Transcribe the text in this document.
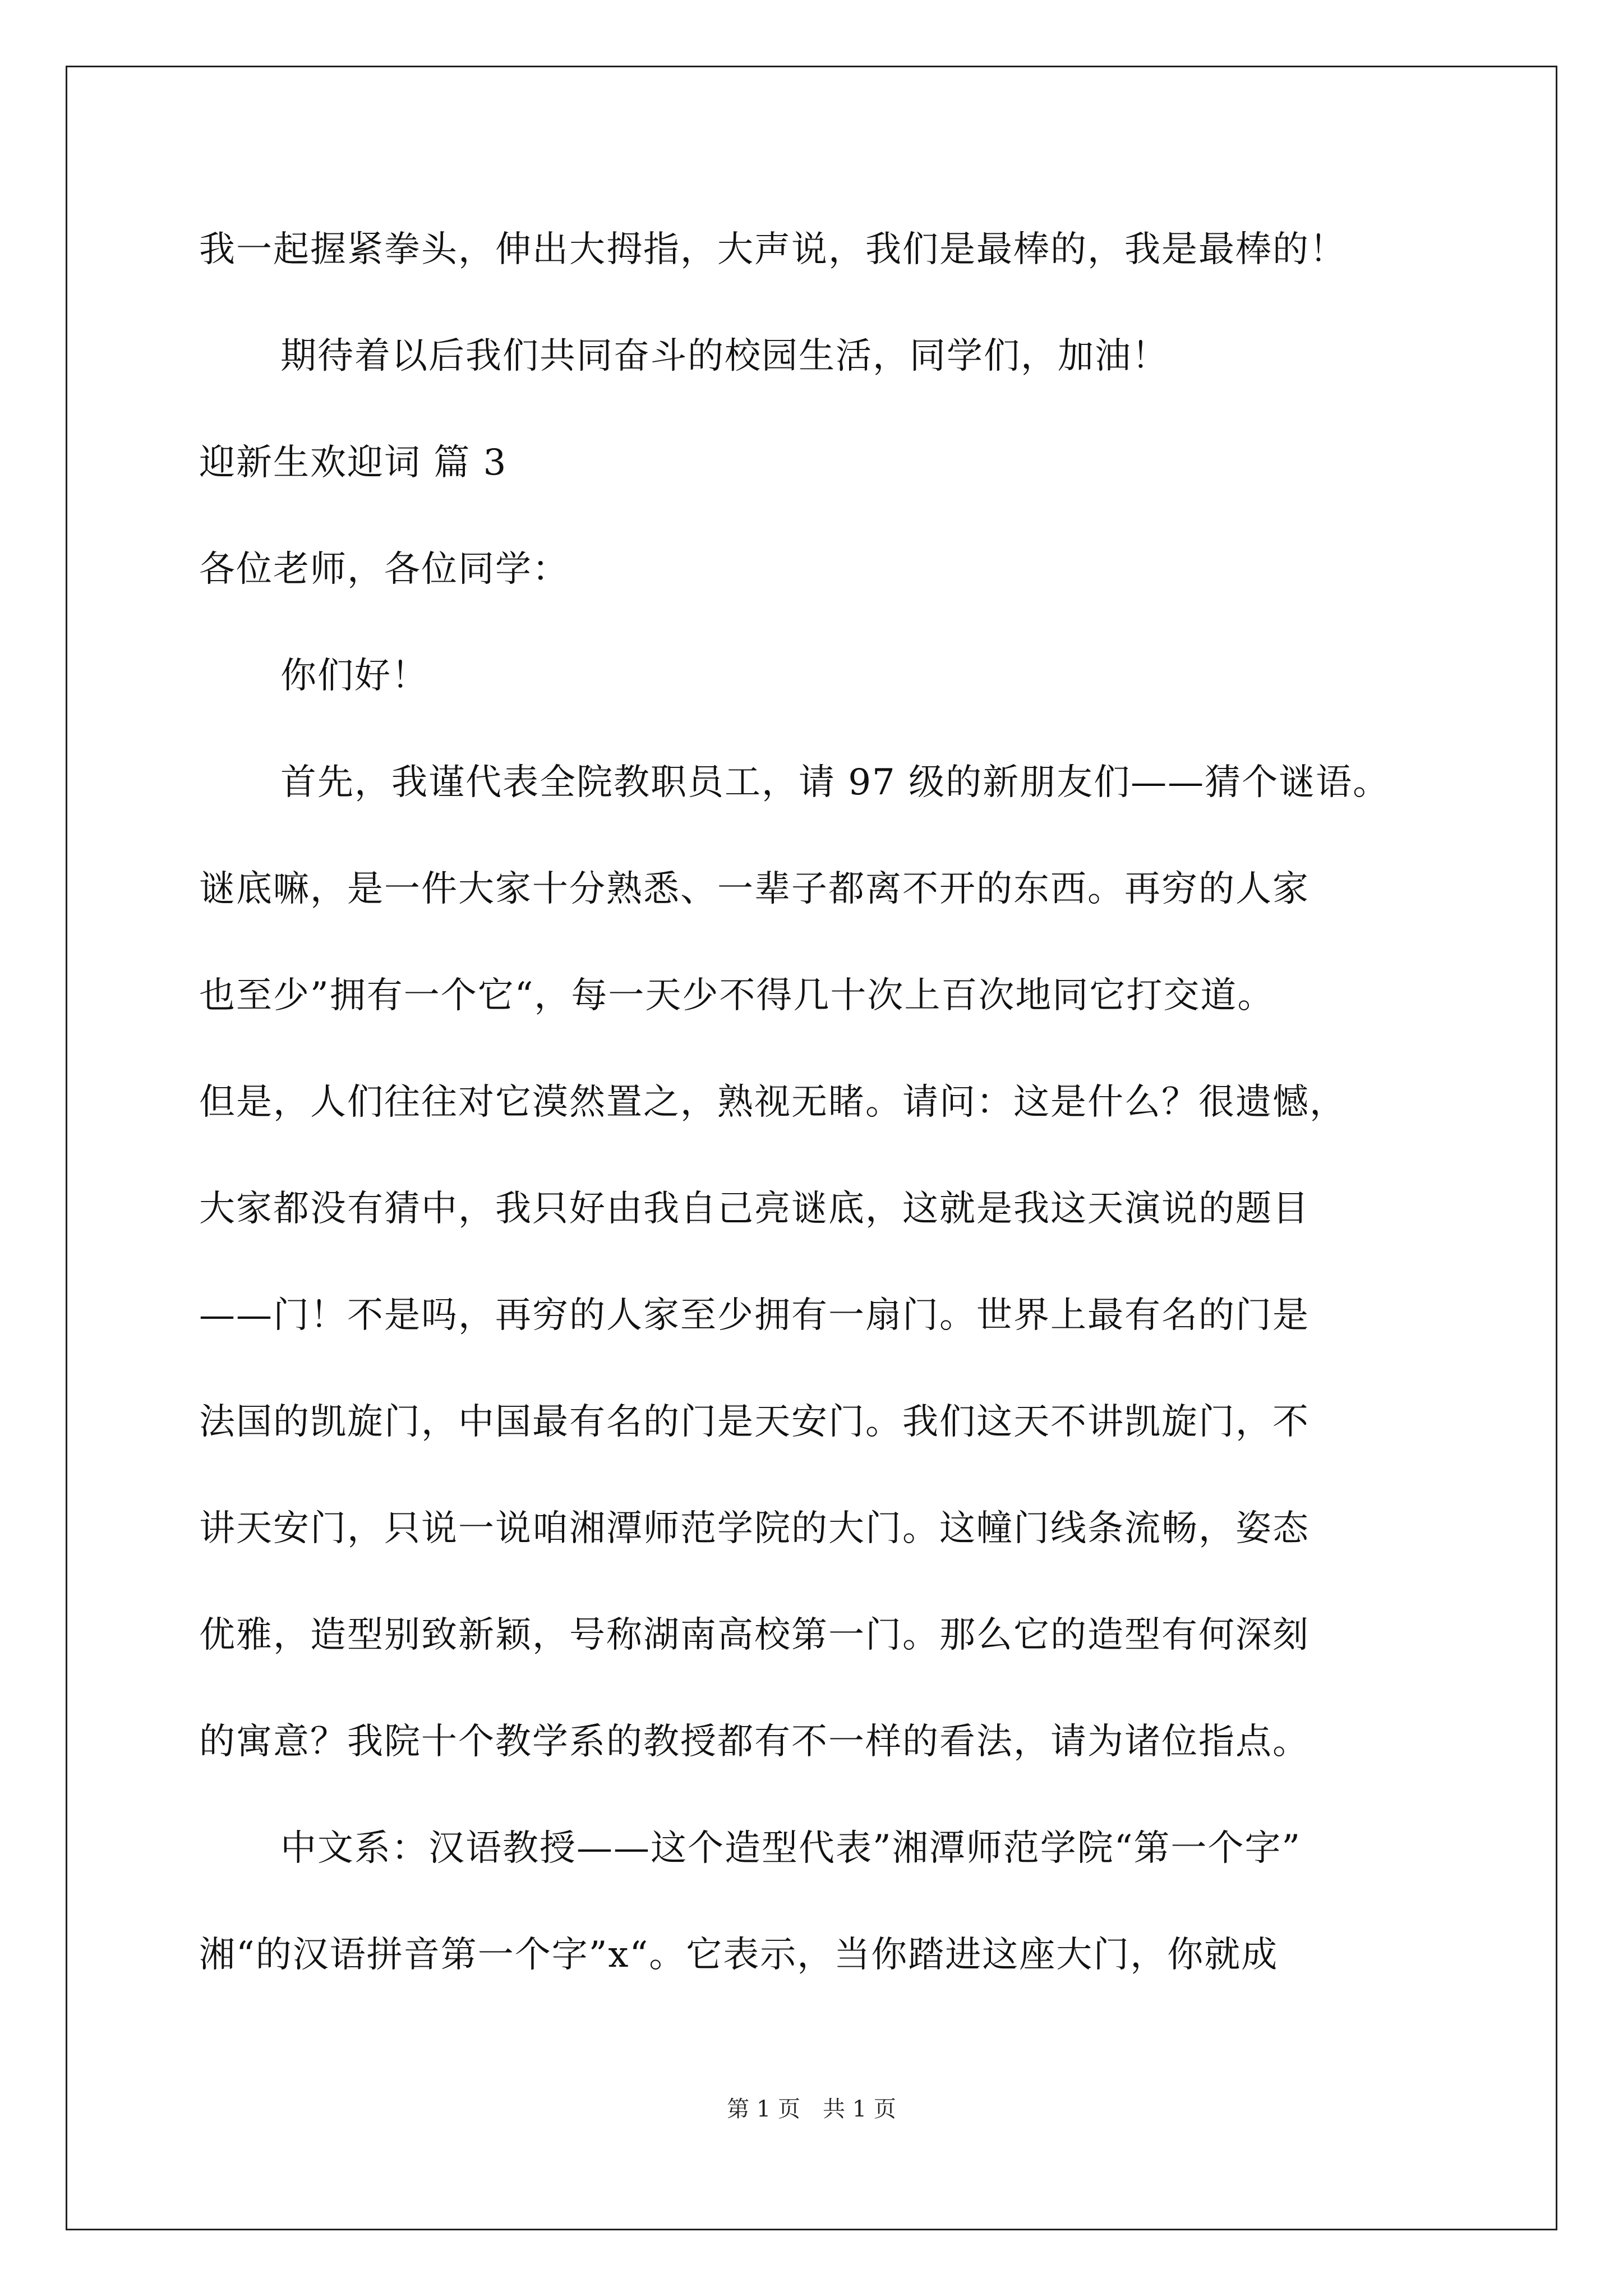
我一起握紧拳头，伸出大拇指，大声说，我们是最棒的，我是最棒的！
期待着以后我们共同奋斗的校园生活，同学们，加油！
迎新生欢迎词 篇 3
各位老师，各位同学：
你们好！
首先，我谨代表全院教职员工，请 97 级的新朋友们——猜个谜语。
谜底嘛，是一件大家十分熟悉、一辈子都离不开的东西。再穷的人家
也至少”拥有一个它“，每一天少不得几十次上百次地同它打交道。
但是，人们往往对它漠然置之，熟视无睹。请问：这是什么？很遗憾，
大家都没有猜中，我只好由我自己亮谜底，这就是我这天演说的题目
——门！不是吗，再穷的人家至少拥有一扇门。世界上最有名的门是
法国的凯旋门，中国最有名的门是天安门。我们这天不讲凯旋门，不
讲天安门，只说一说咱湘潭师范学院的大门。这幢门线条流畅，姿态
优雅，造型别致新颖，号称湖南高校第一门。那么它的造型有何深刻
的寓意？我院十个教学系的教授都有不一样的看法，请为诸位指点。
中文系：汉语教授——这个造型代表”湘潭师范学院“第一个字”
湘“的汉语拼音第一个字”x“。它表示，当你踏进这座大门，你就成
第 1 页　共 1 页
